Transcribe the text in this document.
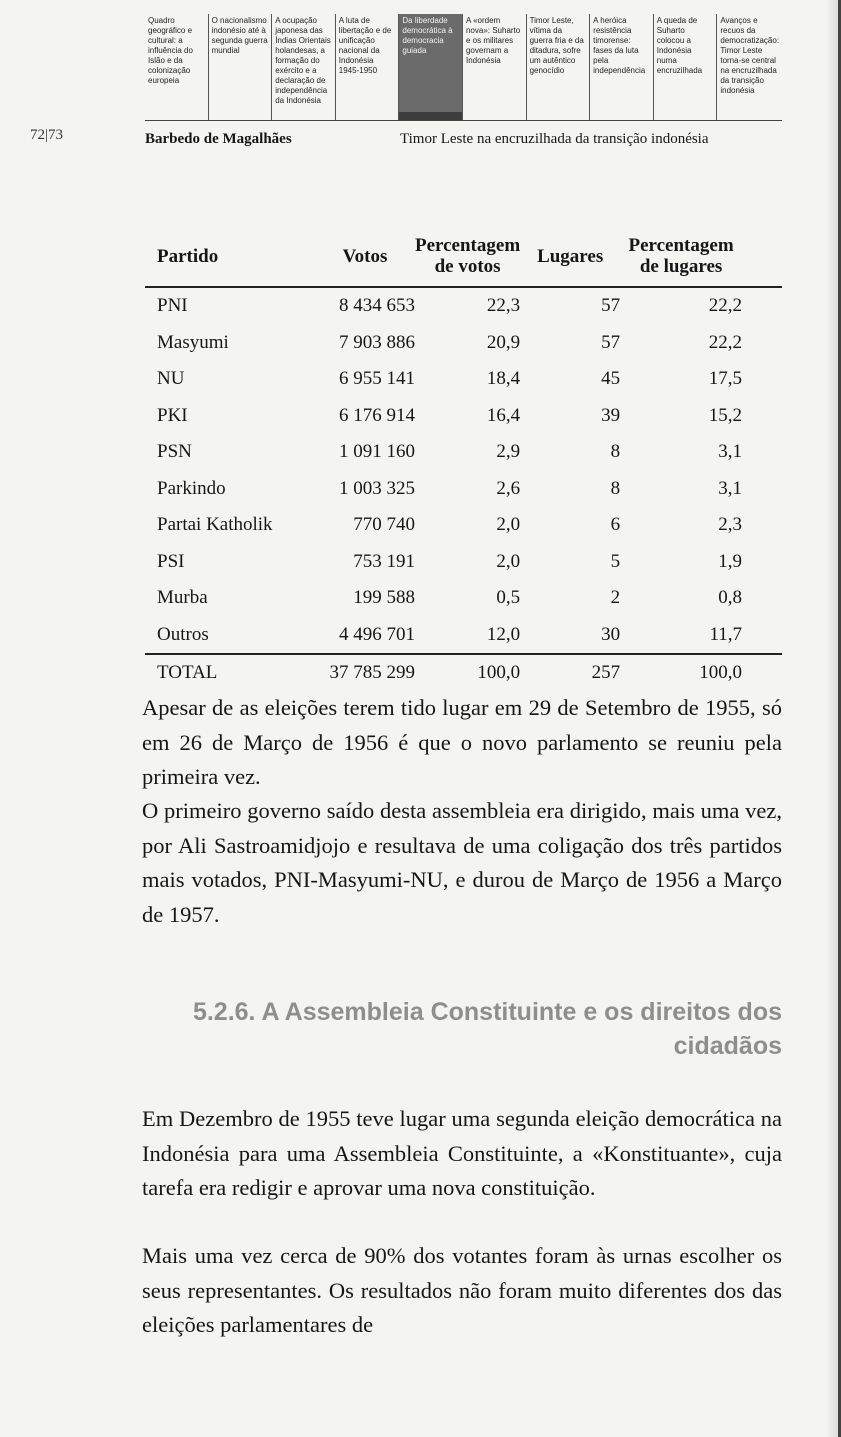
Quadro geográfico e cultural: a influência do Islão e da colonização europeia
O nacionalismo indonésio até à segunda guerra mundial
A ocupação japonesa das Índias Orientais holandesas, a formação do exército e a declaração de independência da Indonésia
A luta de libertação e de unificação nacional da Indonésia 1945-1950
Da liberdade democrática à democracia guiada
A «ordem nova»: Suharto e os militares governam a Indonésia
Timor Leste, vítima da guerra fria e da ditadura, sofre um autêntico genocídio
A heróica resistência timorense: fases da luta pela independência
A queda de Suharto colocou a Indonésia numa encruzilhada
Avanços e recuos da democratização: Timor Leste torna-se central na encruzilhada da transição indonésia
72|73	Barbedo de Magalhães	Timor Leste na encruzilhada da transição indonésia
Partido	Votos	Percentagem de votos	Lugares	Percentagem de lugares
PNI	8 434 653	22,3	57	22,2
Masyumi	7 903 886	20,9	57	22,2
NU	6 955 141	18,4	45	17,5
PKI	6 176 914	16,4	39	15,2
PSN	1 091 160	2,9	8	3,1
Parkindo	1 003 325	2,6	8	3,1
Partai Katholik	770 740	2,0	6	2,3
PSI	753 191	2,0	5	1,9
Murba	199 588	0,5	2	0,8
Outros	4 496 701	12,0	30	11,7
TOTAL	37 785 299	100,0	257	100,0

Apesar de as eleições terem tido lugar em 29 de Setembro de 1955, só em 26 de Março de 1956 é que o novo parlamento se reuniu pela primeira vez.

O primeiro governo saído desta assembleia era dirigido, mais uma vez, por Ali Sastroamidjojo e resultava de uma coligação dos três partidos mais votados, PNI-Masyumi-NU, e durou de Março de 1956 a Março de 1957.

5.2.6. A Assembleia Constituinte e os direitos dos cidadãos

Em Dezembro de 1955 teve lugar uma segunda eleição democrática na Indonésia para uma Assembleia Constituinte, a «Konstituante», cuja tarefa era redigir e aprovar uma nova constituição.

Mais uma vez cerca de 90% dos votantes foram às urnas escolher os seus representantes. Os resultados não foram muito diferentes dos das eleições parlamentares de
